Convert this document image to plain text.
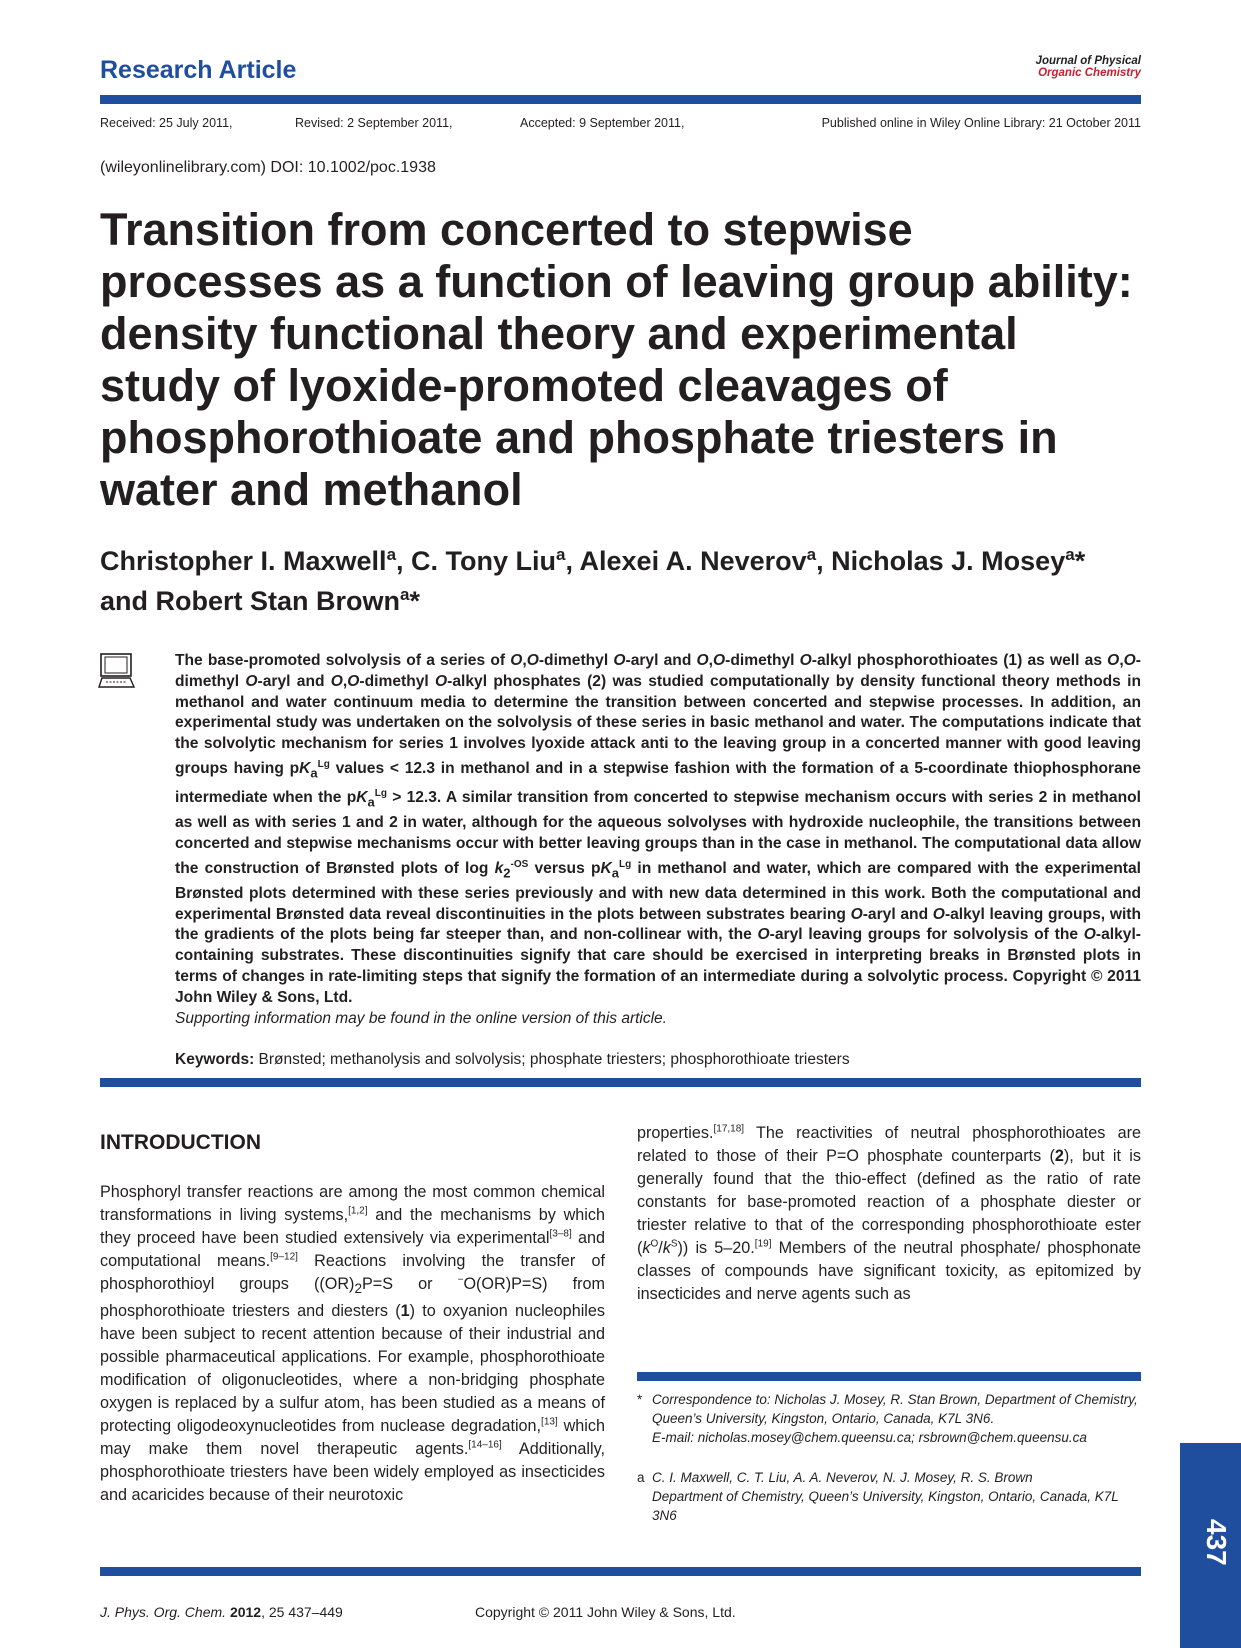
Research Article	Journal of Physical
Organic Chemistry
Received: 25 July 2011,	Revised: 2 September 2011,	Accepted: 9 September 2011,	Published online in Wiley Online Library: 21 October 2011
(wileyonlinelibrary.com) DOI: 10.1002/poc.1938
Transition from concerted to stepwise processes as a function of leaving group ability: density functional theory and experimental study of lyoxide-promoted cleavages of phosphorothioate and phosphate triesters in water and methanol
Christopher I. Maxwell$^a$, C. Tony Liu$^a$, Alexei A. Neverov$^a$, Nicholas J. Mosey$^a$*
and Robert Stan Brown$^a$*

The base-promoted solvolysis of a series of O,O-dimethyl O-aryl and O,O-dimethyl O-alkyl phosphorothioates (1) as well as O,O-dimethyl O-aryl and O,O-dimethyl O-alkyl phosphates (2) was studied computationally by density functional theory methods in methanol and water continuum media to determine the transition between concerted and stepwise processes. In addition, an experimental study was undertaken on the solvolysis of these series in basic methanol and water. The computations indicate that the solvolytic mechanism for series 1 involves lyoxide attack anti to the leaving group in a concerted manner with good leaving groups having $pK_a^{Lg}$ values < 12.3 in methanol and in a stepwise fashion with the formation of a 5-coordinate thiophosphorane intermediate when the $pK_a^{Lg} > 12.3$. A similar transition from concerted to stepwise mechanism occurs with series 2 in methanol as well as with series 1 and 2 in water, although for the aqueous solvolyses with hydroxide nucleophile, the transitions between concerted and stepwise mechanisms occur with better leaving groups than in the case in methanol. The computational data allow the construction of Brønsted plots of $\log k_2^{-OS}$ versus $pK_a^{Lg}$ in methanol and water, which are compared with the experimental Brønsted plots determined with these series previously and with new data determined in this work. Both the computational and experimental Brønsted data reveal discontinuities in the plots between substrates bearing O-aryl and O-alkyl leaving groups, with the gradients of the plots being far steeper than, and non-collinear with, the O-aryl leaving groups for solvolysis of the O-alkyl-containing substrates. These discontinuities signify that care should be exercised in interpreting breaks in Brønsted plots in terms of changes in rate-limiting steps that signify the formation of an intermediate during a solvolytic process. Copyright © 2011 John Wiley & Sons, Ltd.

Supporting information may be found in the online version of this article.
Keywords: Brønsted; methanolysis and solvolysis; phosphate triesters; phosphorothioate triesters
INTRODUCTION

Phosphoryl transfer reactions are among the most common chemical transformations in living systems,[1,2] and the mechanisms by which they proceed have been studied extensively via experimental[3–8] and computational means.[9–12] Reactions involving the transfer of phosphorothioyl groups ($(OR)_2P=S$ or −O(OR)P=S) from phosphorothioate triesters and diesters (1) to oxyanion nucleophiles have been subject to recent attention because of their industrial and possible pharmaceutical applications. For example, phosphorothioate modification of oligonucleotides, where a non-bridging phosphate oxygen is replaced by a sulfur atom, has been studied as a means of protecting oligodeoxynucleotides from nuclease degradation,[13] which may make them novel therapeutic agents.[14–16] Additionally, phosphorothioate triesters have been widely employed as insecticides and acaricides because of their neurotoxic

properties.[17,18] The reactivities of neutral phosphorothioates are related to those of their P=O phosphate counterparts (2), but it is generally found that the thio-effect (defined as the ratio of rate constants for base-promoted reaction of a phosphate diester or triester relative to that of the corresponding phosphorothioate ester $(k^O/k^S)$) is 5–20.[19] Members of the neutral phosphate/ phosphonate classes of compounds have significant toxicity, as epitomized by insecticides and nerve agents such as

* Correspondence to: Nicholas J. Mosey, R. Stan Brown, Department of Chemistry, Queen’s University, Kingston, Ontario, Canada, K7L 3N6.
E-mail: nicholas.mosey@chem.queensu.ca; rsbrown@chem.queensu.ca
a C. I. Maxwell, C. T. Liu, A. A. Neverov, N. J. Mosey, R. S. Brown
Department of Chemistry, Queen’s University, Kingston, Ontario, Canada, K7L 3N6
437
J. Phys. Org. Chem. 2012, 25 437–449	Copyright © 2011 John Wiley & Sons, Ltd.
